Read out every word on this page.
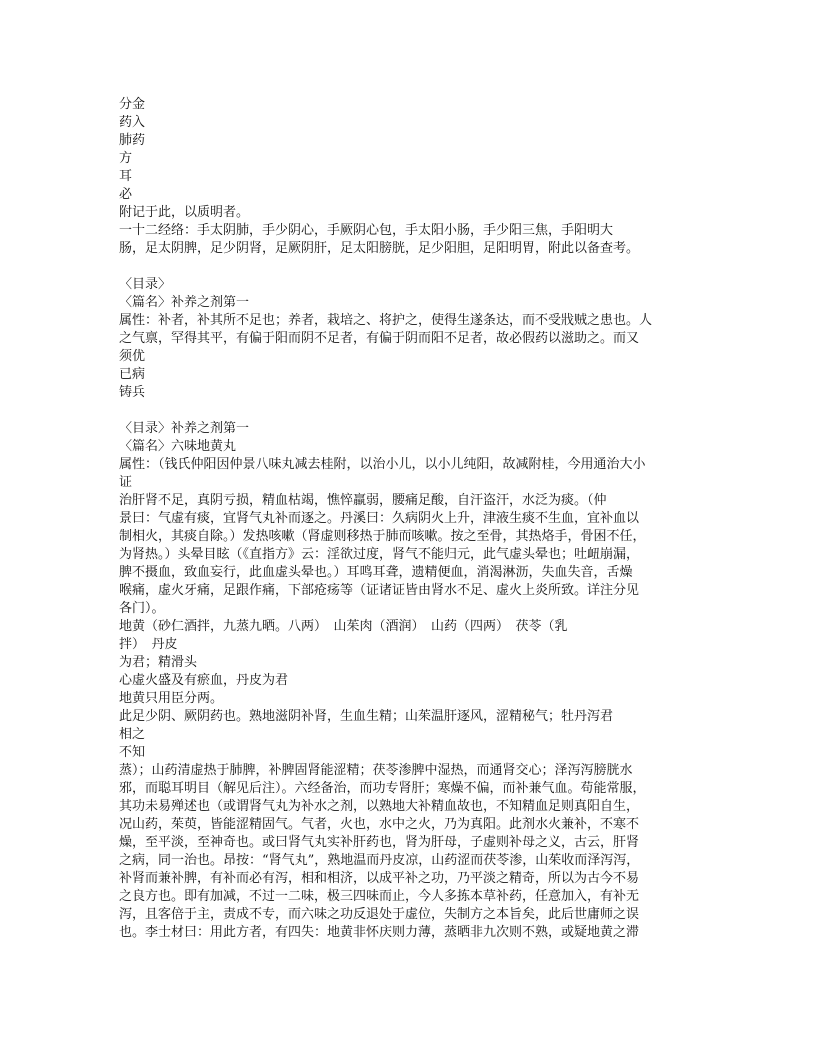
分金
药入
肺药
方
耳
必
附记于此，以质明者。
一十二经络：手太阴肺，手少阴心，手厥阴心包，手太阳小肠，手少阳三焦，手阳明大
肠，足太阴脾，足少阴肾，足厥阴肝，足太阳膀胱，足少阳胆，足阳明胃，附此以备查考。
〈目录〉
〈篇名〉补养之剂第一
属性：补者，补其所不足也；养者，栽培之、将护之，使得生遂条达，而不受戕贼之患也。人
之气禀，罕得其平，有偏于阳而阴不足者，有偏于阴而阳不足者，故必假药以滋助之。而又
须优
已病
铸兵
〈目录〉补养之剂第一
〈篇名〉六味地黄丸
属性：（钱氏仲阳因仲景八味丸减去桂附，以治小儿，以小儿纯阳，故减附桂，今用通治大小
证
治肝肾不足，真阴亏损，精血枯竭，憔悴羸弱，腰痛足酸，自汗盗汗，水泛为痰。（仲
景曰：气虚有痰，宜肾气丸补而逐之。丹溪曰：久病阴火上升，津液生痰不生血，宜补血以
制相火，其痰自除。）发热咳嗽（肾虚则移热于肺而咳嗽。按之至骨，其热烙手，骨困不任，
为肾热。）头晕目眩（《直指方》云：淫欲过度，肾气不能归元，此气虚头晕也；吐衄崩漏，
脾不摄血，致血妄行，此血虚头晕也。）耳鸣耳聋，遗精便血，消渴淋沥，失血失音，舌燥
喉痛，虚火牙痛，足跟作痛，下部疮疡等（证诸证皆由肾水不足、虚火上炎所致。详注分见
各门）。
地黄（砂仁酒拌，九蒸九晒。八两）　山茱肉（酒润）　山药（四两）　茯苓（乳
拌）　丹皮
为君；精滑头
心虚火盛及有瘀血，丹皮为君
地黄只用臣分两。
此足少阴、厥阴药也。熟地滋阴补肾，生血生精；山茱温肝逐风，涩精秘气；牡丹泻君
相之
不知
蒸）；山药清虚热于肺脾，补脾固肾能涩精；茯苓渗脾中湿热，而通肾交心；泽泻泻膀胱水
邪，而聪耳明目（解见后注）。六经备治，而功专肾肝；寒燥不偏，而补兼气血。苟能常服，
其功未易殚述也（或谓肾气丸为补水之剂，以熟地大补精血故也，不知精血足则真阳自生，
况山药，茱萸，皆能涩精固气。气者，火也，水中之火，乃为真阳。此剂水火兼补，不寒不
燥，至平淡，至神奇也。或曰肾气丸实补肝药也，肾为肝母，子虚则补母之义，古云，肝肾
之病，同一治也。昂按：“肾气丸”，熟地温而丹皮凉，山药涩而茯苓渗，山茱收而泽泻泻，
补肾而兼补脾，有补而必有泻，相和相济，以成平补之功，乃平淡之精奇，所以为古今不易
之良方也。即有加减，不过一二味，极三四味而止，今人多拣本草补药，任意加入，有补无
泻，且客倍于主，责成不专，而六味之功反退处于虚位，失制方之本旨矣，此后世庸师之误
也。李士材曰：用此方者，有四失：地黄非怀庆则力薄，蒸晒非九次则不熟，或疑地黄之滞
